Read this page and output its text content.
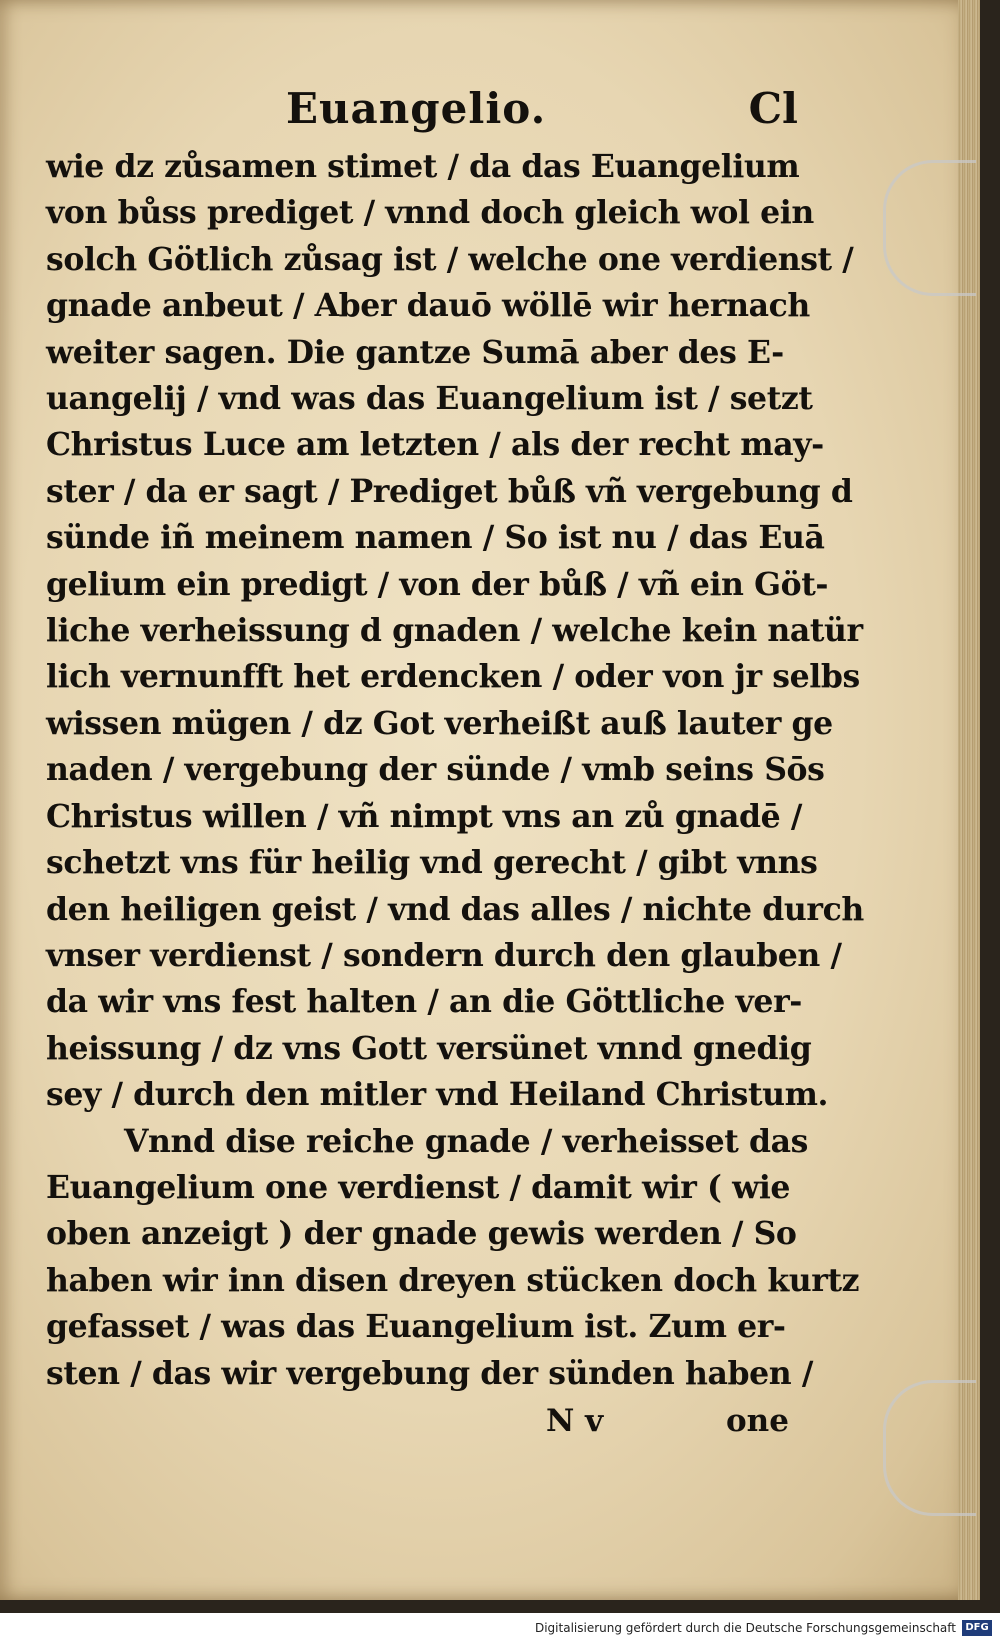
Euangelio.	Cl
wie dz zůsamen stimet / da das Euangelium
von bůss prediget / vnnd doch gleich wol ein
solch Götlich zůsag ist / welche one verdienst /
gnade anbeut / Aber dauō wöllē wir hernach
weiter sagen. Die gantze Sumā aber des E-
uangelij / vnd was das Euangelium ist / setzt
Christus Luce am letzten / als der recht may-
ster / da er sagt / Prediget bůß vñ vergebung d
sünde iñ meinem namen / So ist nu / das Euā
gelium ein predigt / von der bůß / vñ ein Göt-
liche verheissung d gnaden / welche kein natür
lich vernunfft het erdencken / oder von jr selbs
wissen mügen / dz Got verheißt auß lauter ge
naden / vergebung der sünde / vmb seins Sōs
Christus willen / vñ nimpt vns an zů gnadē /
schetzt vns für heilig vnd gerecht / gibt vnns
den heiligen geist / vnd das alles / nichte durch
vnser verdienst / sondern durch den glauben /
da wir vns fest halten / an die Göttliche ver-
heissung / dz vns Gott versünet vnnd gnedig
sey / durch den mitler vnd Heiland Christum.
Vnnd dise reiche gnade / verheisset das
Euangelium one verdienst / damit wir ( wie
oben anzeigt ) der gnade gewis werden / So
haben wir inn disen dreyen stücken doch kurtz
gefasset / was das Euangelium ist. Zum er-
sten / das wir vergebung der sünden haben /
N v	one
Digitalisierung gefördert durch die Deutsche Forschungsgemeinschaft DFG
